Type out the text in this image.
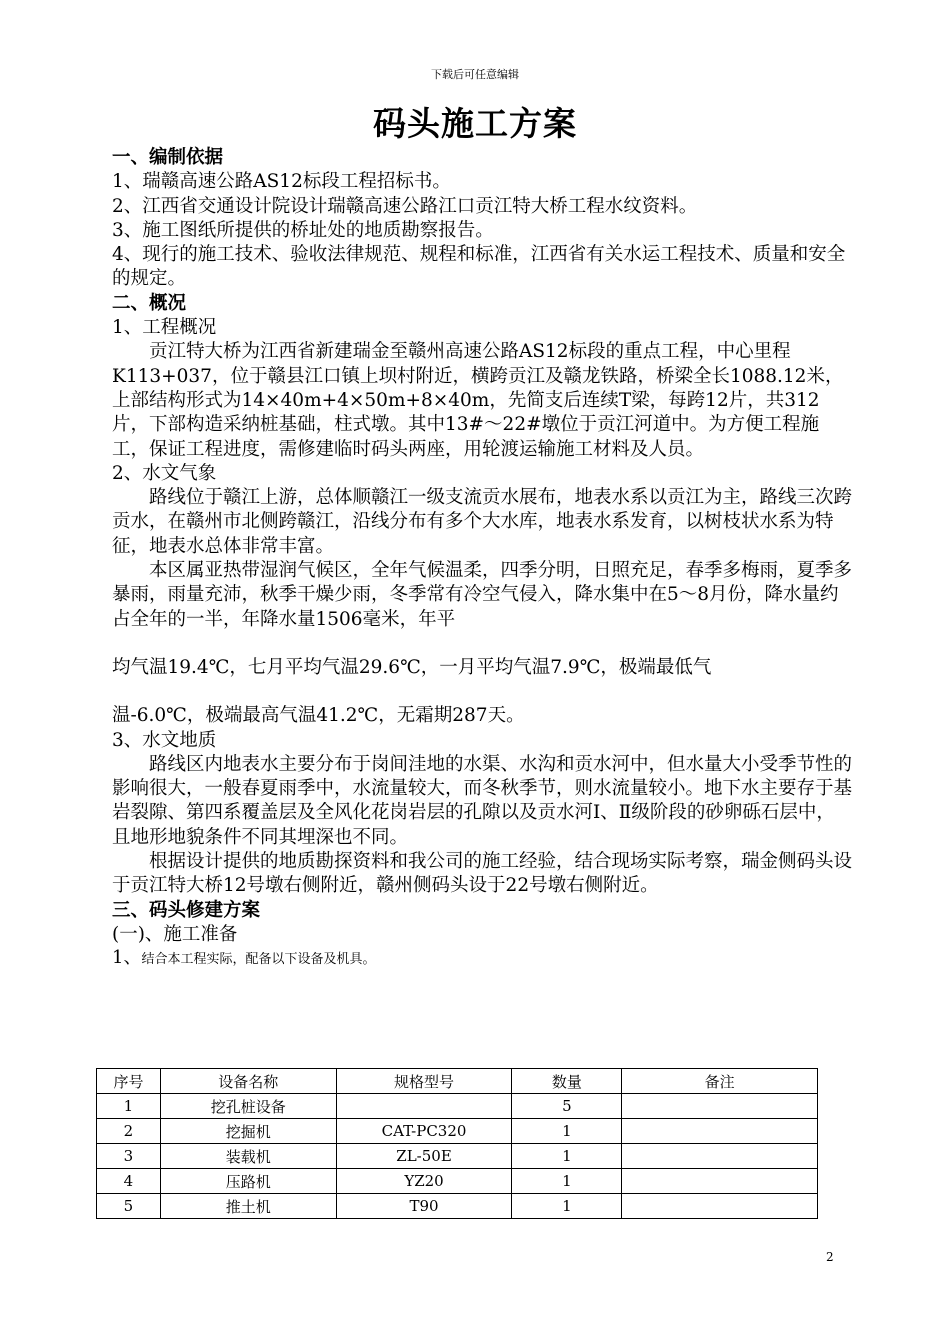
下载后可任意编辑
码头施工方案

一、编制依据

1、瑞赣高速公路AS12标段工程招标书。

2、江西省交通设计院设计瑞赣高速公路江口贡江特大桥工程水纹资料。

3、施工图纸所提供的桥址处的地质勘察报告。

4、现行的施工技术、验收法律规范、规程和标准，江西省有关水运工程技术、质量和安全的规定。

二、概况

1、工程概况

贡江特大桥为江西省新建瑞金至赣州高速公路AS12标段的重点工程，中心里程K113+037，位于赣县江口镇上坝村附近，横跨贡江及赣龙铁路，桥梁全长1088.12米，上部结构形式为14×40m+4×50m+8×40m，先简支后连续T梁，每跨12片，共312片，下部构造采纳桩基础，柱式墩。其中13#～22#墩位于贡江河道中。为方便工程施工，保证工程进度，需修建临时码头两座，用轮渡运输施工材料及人员。

2、水文气象

路线位于赣江上游，总体顺赣江一级支流贡水展布，地表水系以贡江为主，路线三次跨贡水，在赣州市北侧跨赣江，沿线分布有多个大水库，地表水系发育，以树枝状水系为特征，地表水总体非常丰富。

本区属亚热带湿润气候区，全年气候温柔，四季分明，日照充足，春季多梅雨，夏季多暴雨，雨量充沛，秋季干燥少雨，冬季常有冷空气侵入，降水集中在5～8月份，降水量约占全年的一半，年降水量1506毫米，年平

均气温19.4℃，七月平均气温29.6℃，一月平均气温7.9℃，极端最低气

温-6.0℃，极端最高气温41.2℃，无霜期287天。

3、水文地质

路线区内地表水主要分布于岗间洼地的水渠、水沟和贡水河中，但水量大小受季节性的影响很大，一般春夏雨季中，水流量较大，而冬秋季节，则水流量较小。地下水主要存于基岩裂隙、第四系覆盖层及全风化花岗岩层的孔隙以及贡水河Ⅰ、Ⅱ级阶段的砂卵砾石层中，且地形地貌条件不同其埋深也不同。

根据设计提供的地质勘探资料和我公司的施工经验，结合现场实际考察，瑞金侧码头设于贡江特大桥12号墩右侧附近，赣州侧码头设于22号墩右侧附近。

三、码头修建方案

(一)、施工准备

1、结合本工程实际，配备以下设备及机具。

序号	设备名称	规格型号	数量	备注
1	挖孔桩设备		5	
2	挖掘机	CAT-PC320	1	
3	装载机	ZL-50E	1	
4	压路机	YZ20	1	
5	推土机	T90	1	
2
